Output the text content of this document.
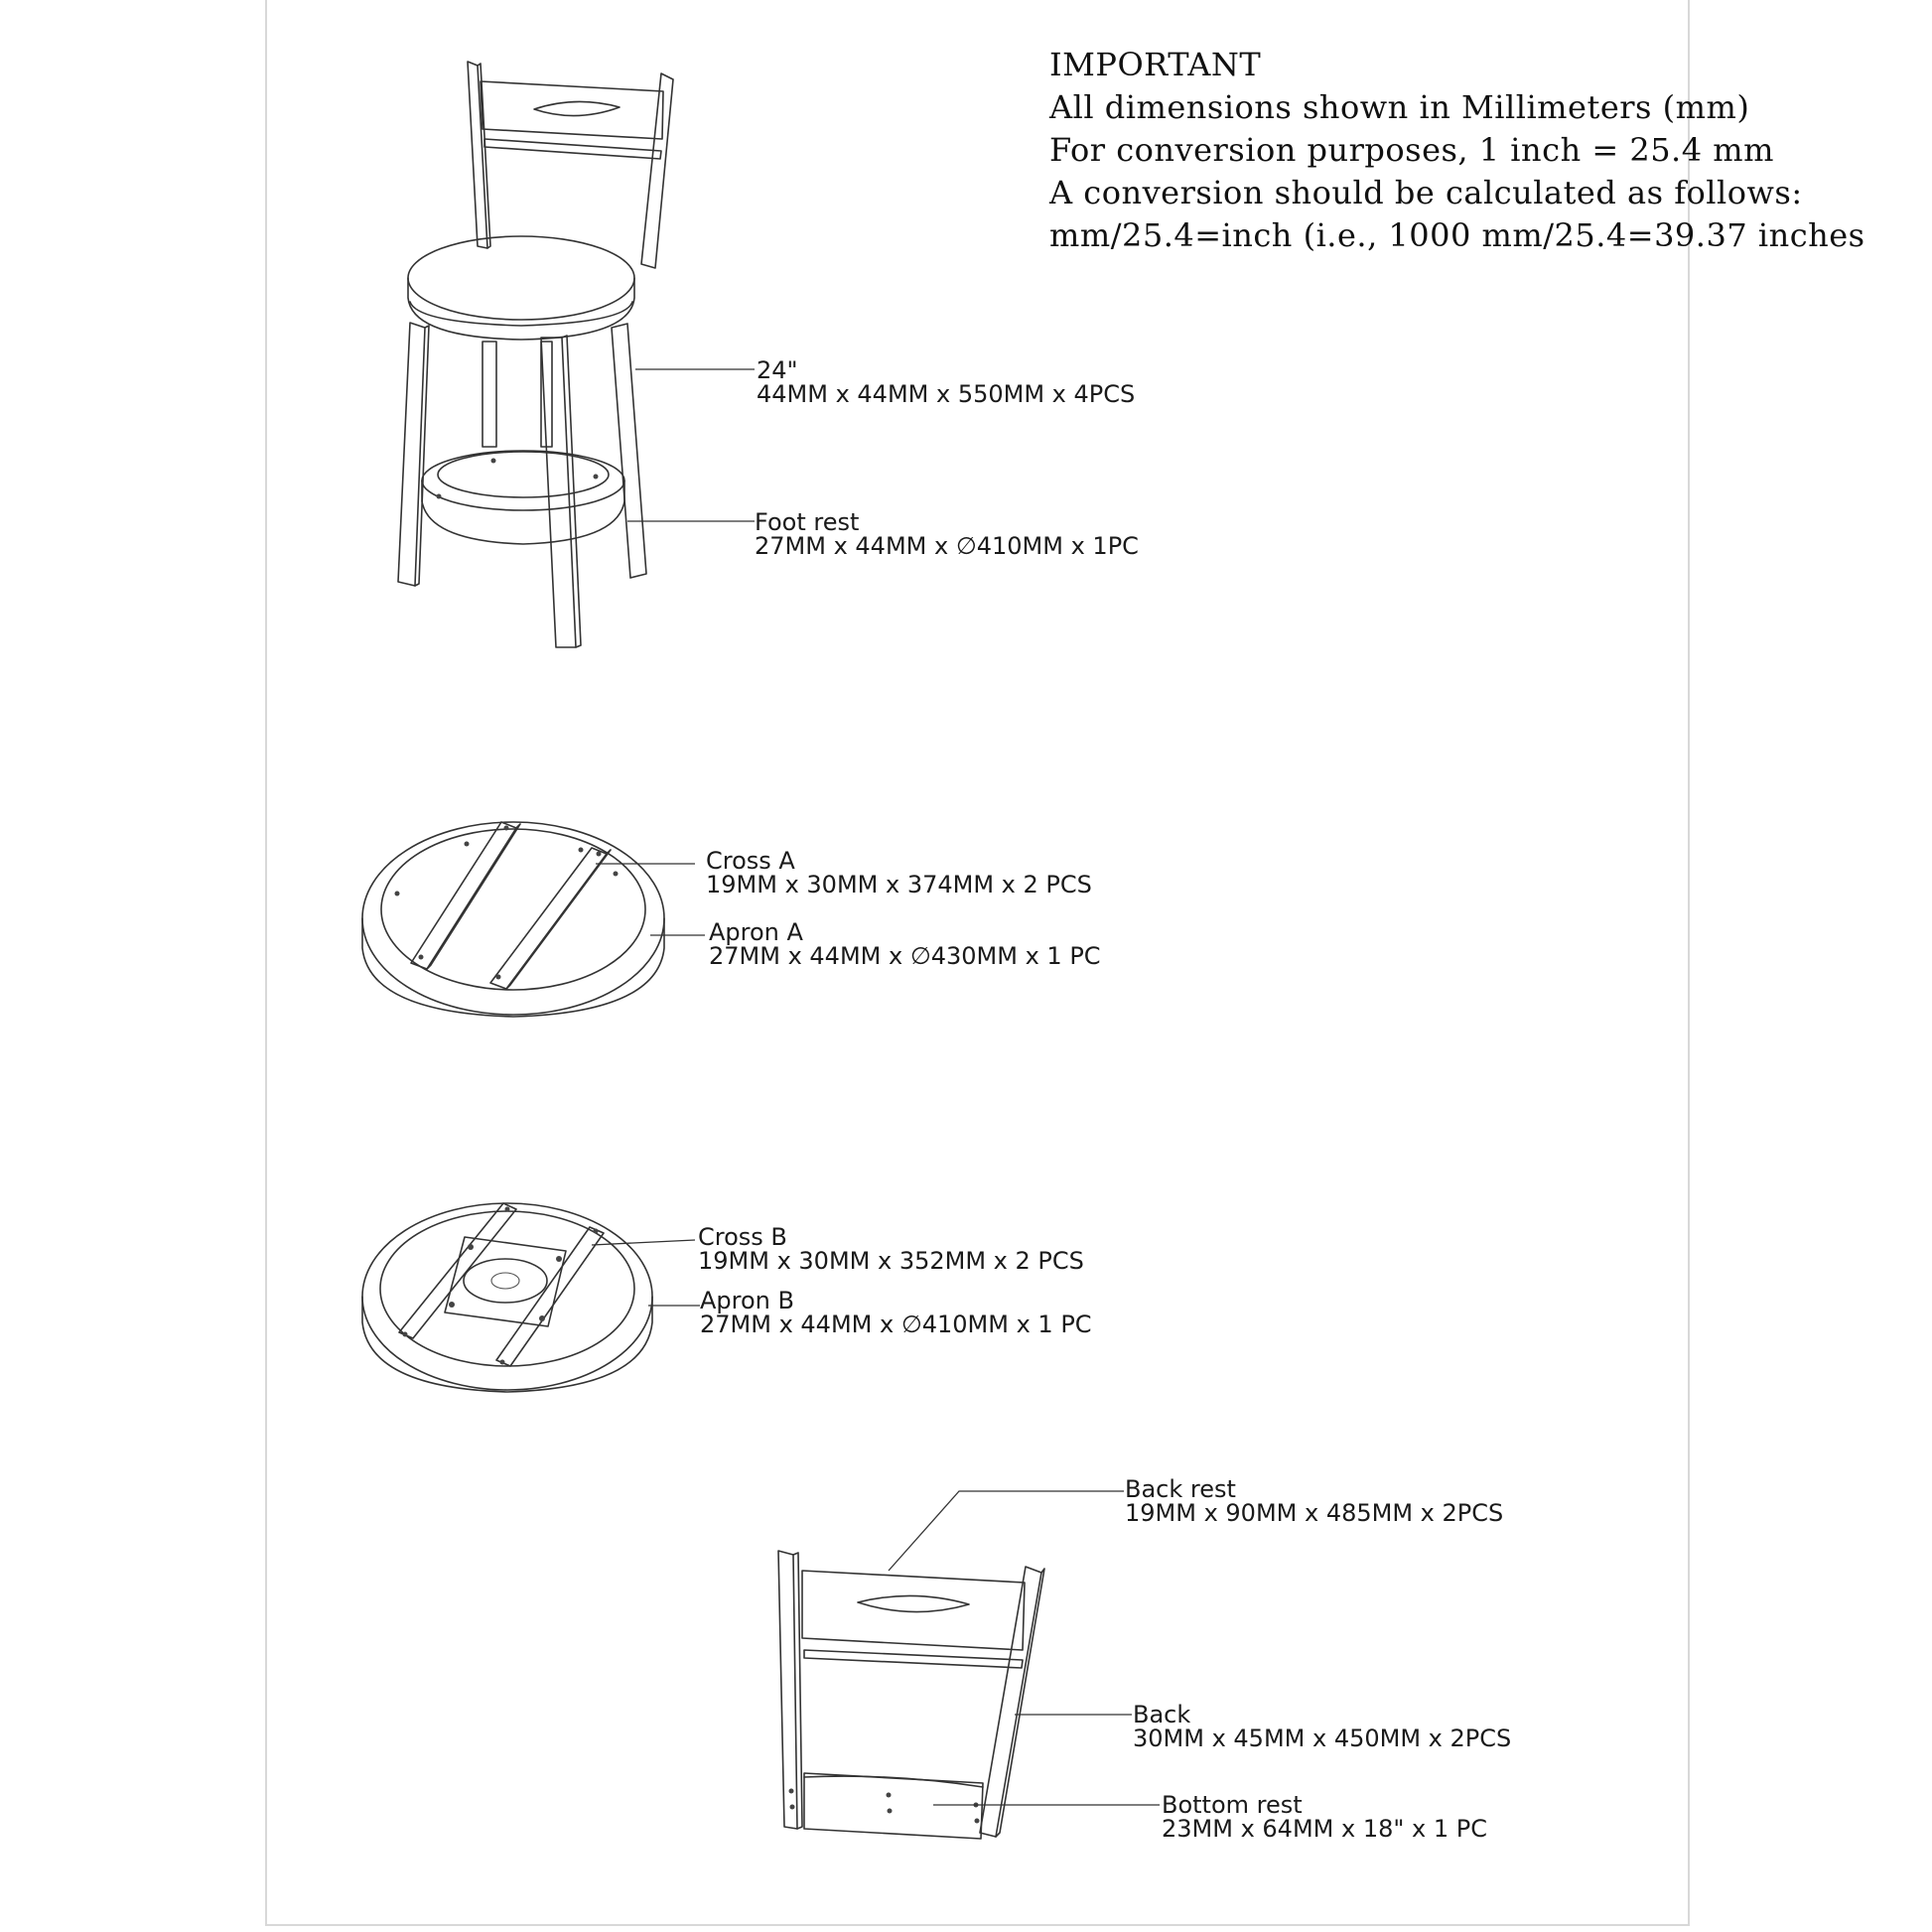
IMPORTANT
All dimensions shown in Millimeters (mm)
For conversion purposes, 1 inch = 25.4 mm
A conversion should be calculated as follows:
mm/25.4=inch (i.e., 1000 mm/25.4=39.37 inches
24"
44MM x 44MM x 550MM x 4PCS
Foot rest
27MM x 44MM x ∅410MM x 1PC
Cross A
19MM x 30MM x 374MM x 2 PCS
Apron A
27MM x 44MM x ∅430MM x 1 PC
Cross B
19MM x 30MM x 352MM x 2 PCS
Apron B
27MM x 44MM x ∅410MM x 1 PC
Back rest
19MM x 90MM x 485MM x 2PCS
Back
30MM x 45MM x 450MM x 2PCS
Bottom rest
23MM x 64MM x 18" x 1 PC
